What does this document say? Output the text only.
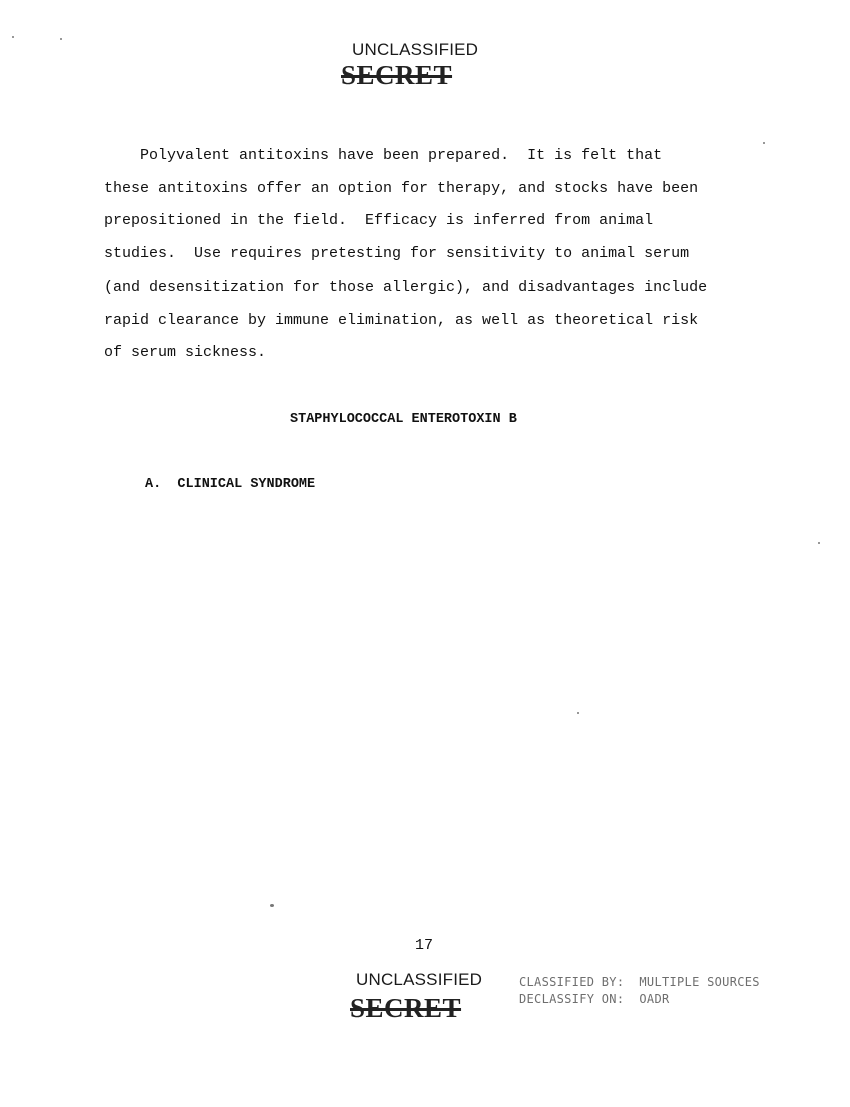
UNCLASSIFIED
SECRET
Polyvalent antitoxins have been prepared.  It is felt that
these antitoxins offer an option for therapy, and stocks have been
prepositioned in the field.  Efficacy is inferred from animal
studies.  Use requires pretesting for sensitivity to animal serum
(and desensitization for those allergic), and disadvantages include
rapid clearance by immune elimination, as well as theoretical risk
of serum sickness.
STAPHYLOCOCCAL ENTEROTOXIN B
A.  CLINICAL SYNDROME
17
UNCLASSIFIED
SECRET
CLASSIFIED BY:  MULTIPLE SOURCES
DECLASSIFY ON:  OADR
